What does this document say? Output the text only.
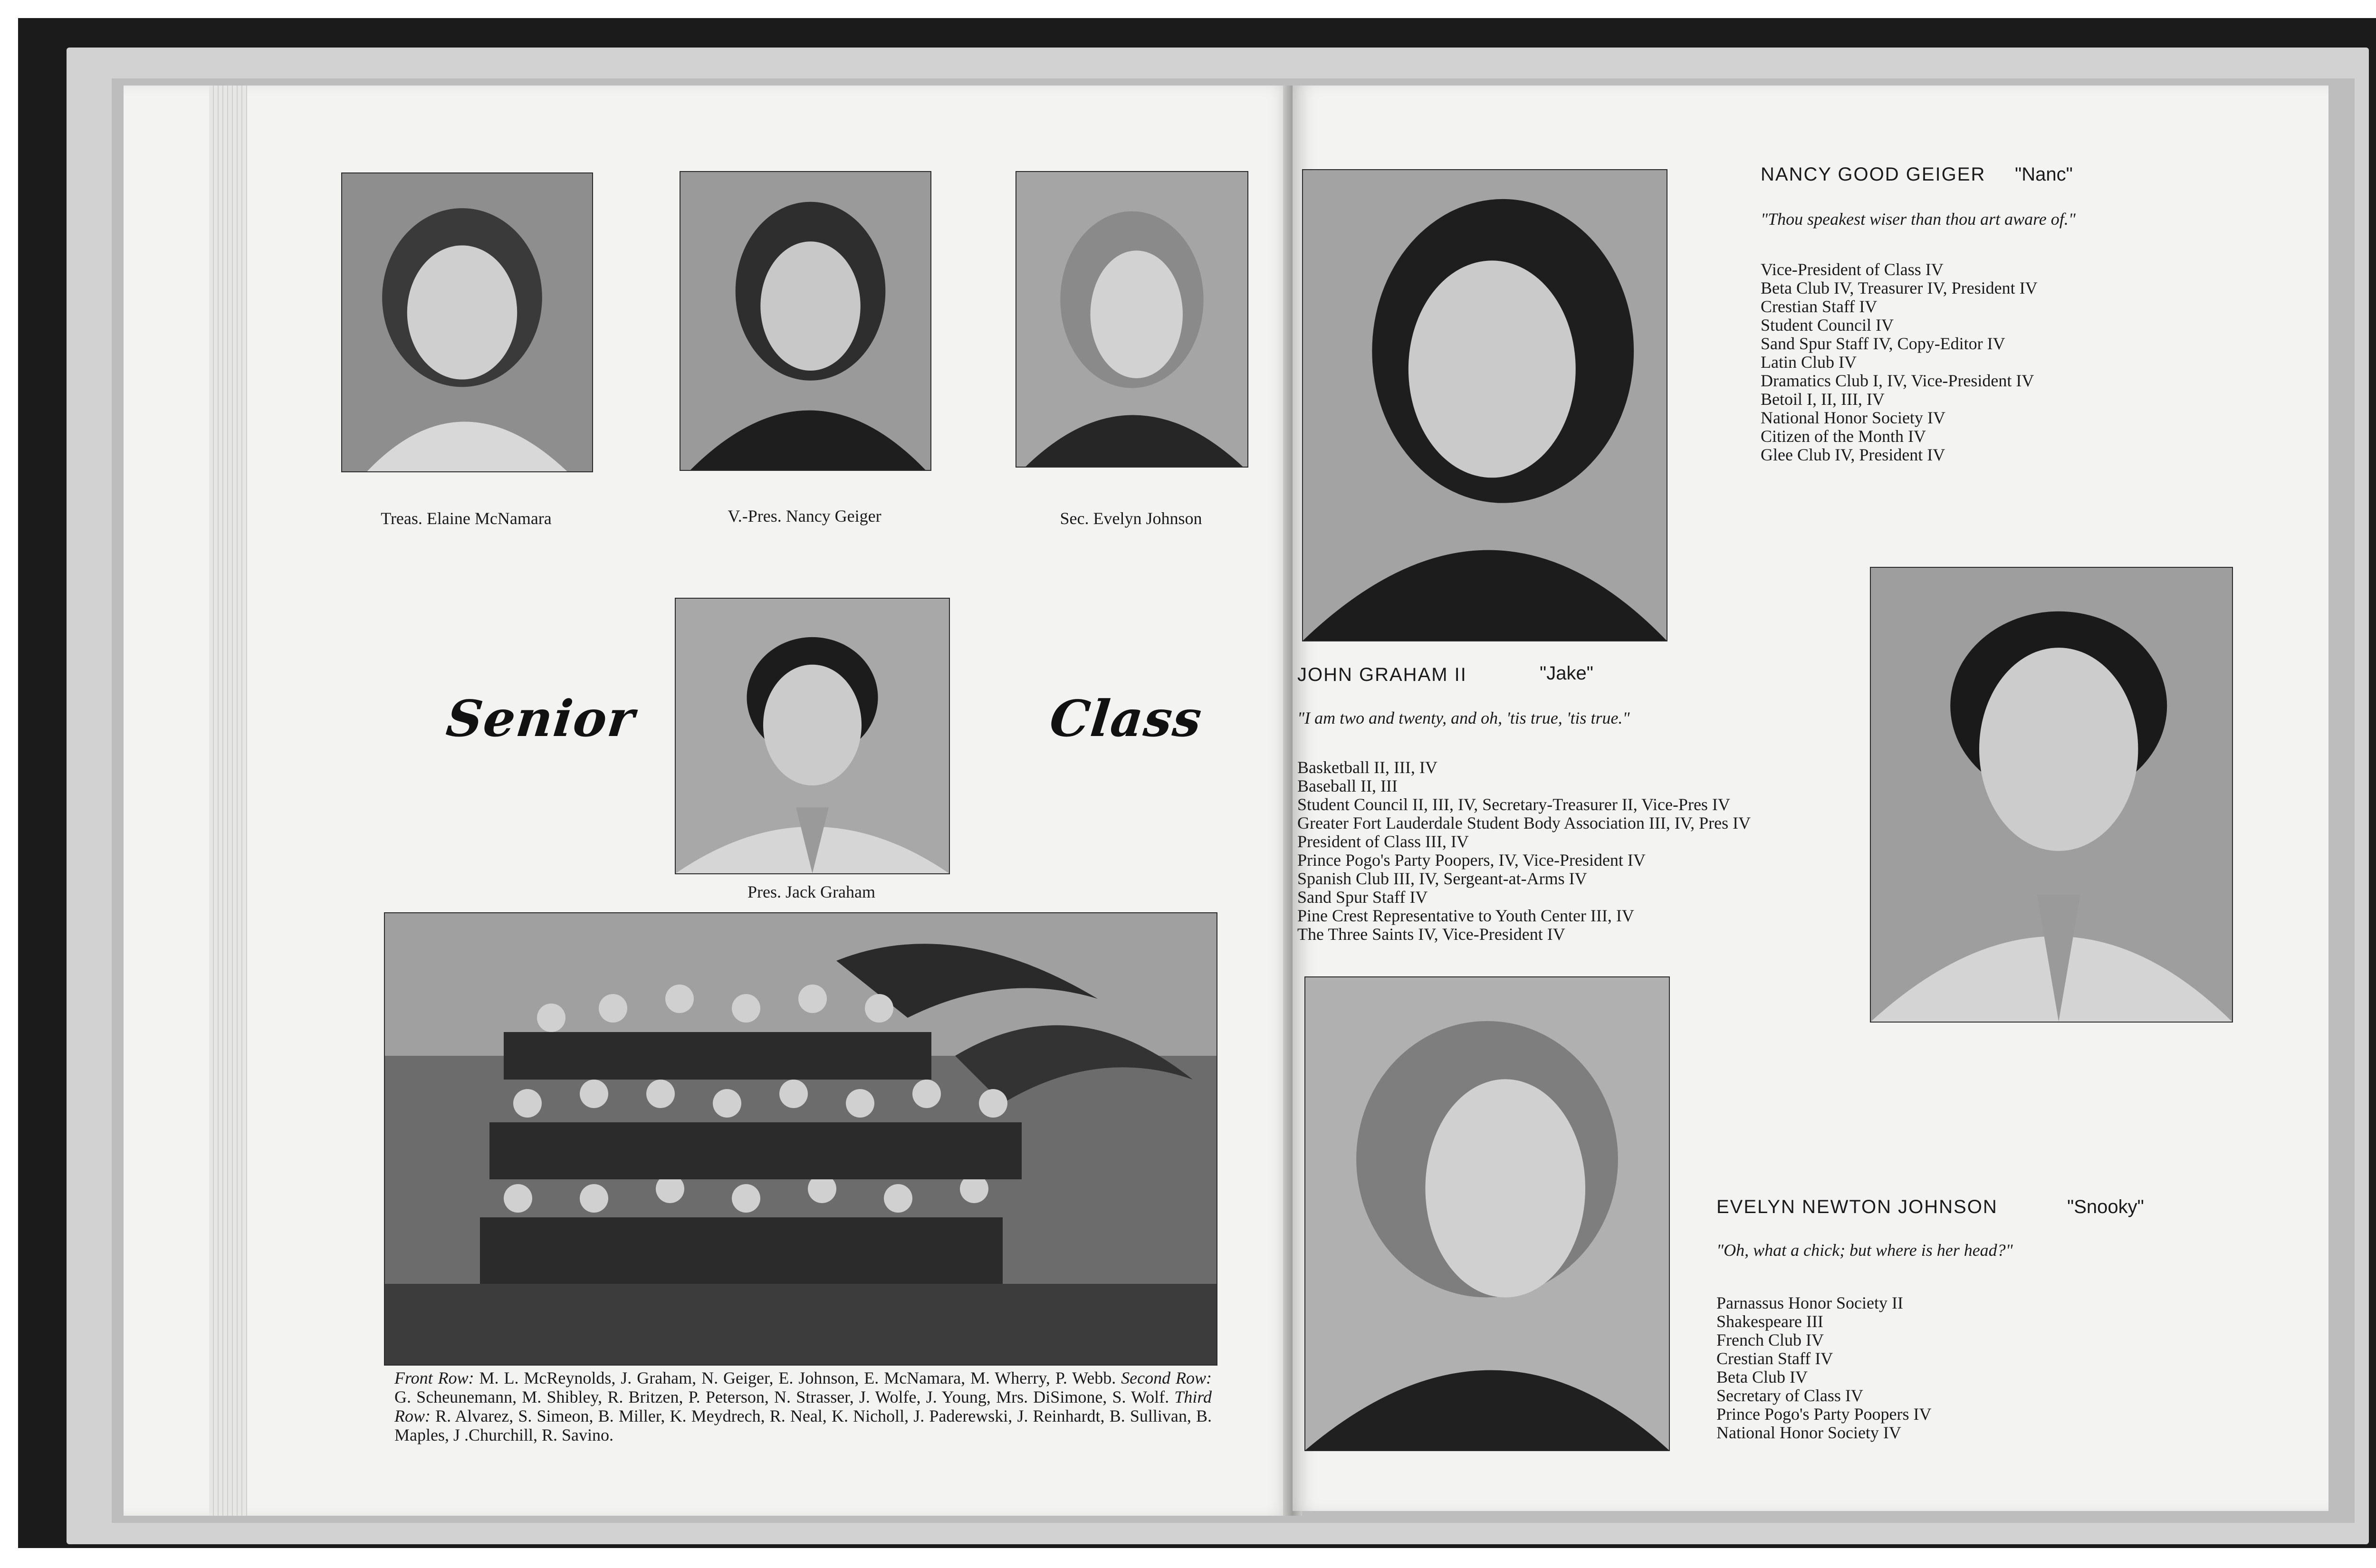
Treas. Elaine McNamara	V.-Pres. Nancy Geiger	Sec. Evelyn Johnson
Senior	Class
Pres. Jack Graham
Front Row: M. L. McReynolds, J. Graham, N. Geiger, E. Johnson, E. McNamara, M. Wherry, P. Webb. Second Row: G. Scheunemann, M. Shibley, R. Britzen, P. Peterson, N. Strasser, J. Wolfe, J. Young, Mrs. DiSimone, S. Wolf. Third Row: R. Alvarez, S. Simeon, B. Miller, K. Meydrech, R. Neal, K. Nicholl, J. Paderewski, J. Reinhardt, B. Sullivan, B. Maples, J .Churchill, R. Savino.
NANCY GOOD GEIGER "Nanc"
"Thou speakest wiser than thou art aware of."
Vice-President of Class IV
Beta Club IV, Treasurer IV, President IV
Crestian Staff IV
Student Council IV
Sand Spur Staff IV, Copy-Editor IV
Latin Club IV
Dramatics Club I, IV, Vice-President IV
Betoil I, II, III, IV
National Honor Society IV
Citizen of the Month IV
Glee Club IV, President IV
JOHN GRAHAM II	"Jake"
"I am two and twenty, and oh, 'tis true, 'tis true."
Basketball II, III, IV
Baseball II, III
Student Council II, III, IV, Secretary-Treasurer II, Vice-Pres IV
Greater Fort Lauderdale Student Body Association III, IV, Pres IV
President of Class III, IV
Prince Pogo's Party Poopers, IV, Vice-President IV
Spanish Club III, IV, Sergeant-at-Arms IV
Sand Spur Staff IV
Pine Crest Representative to Youth Center III, IV
The Three Saints IV, Vice-President IV
EVELYN NEWTON JOHNSON	"Snooky"
"Oh, what a chick; but where is her head?"
Parnassus Honor Society II
Shakespeare III
French Club IV
Crestian Staff IV
Beta Club IV
Secretary of Class IV
Prince Pogo's Party Poopers IV
National Honor Society IV
